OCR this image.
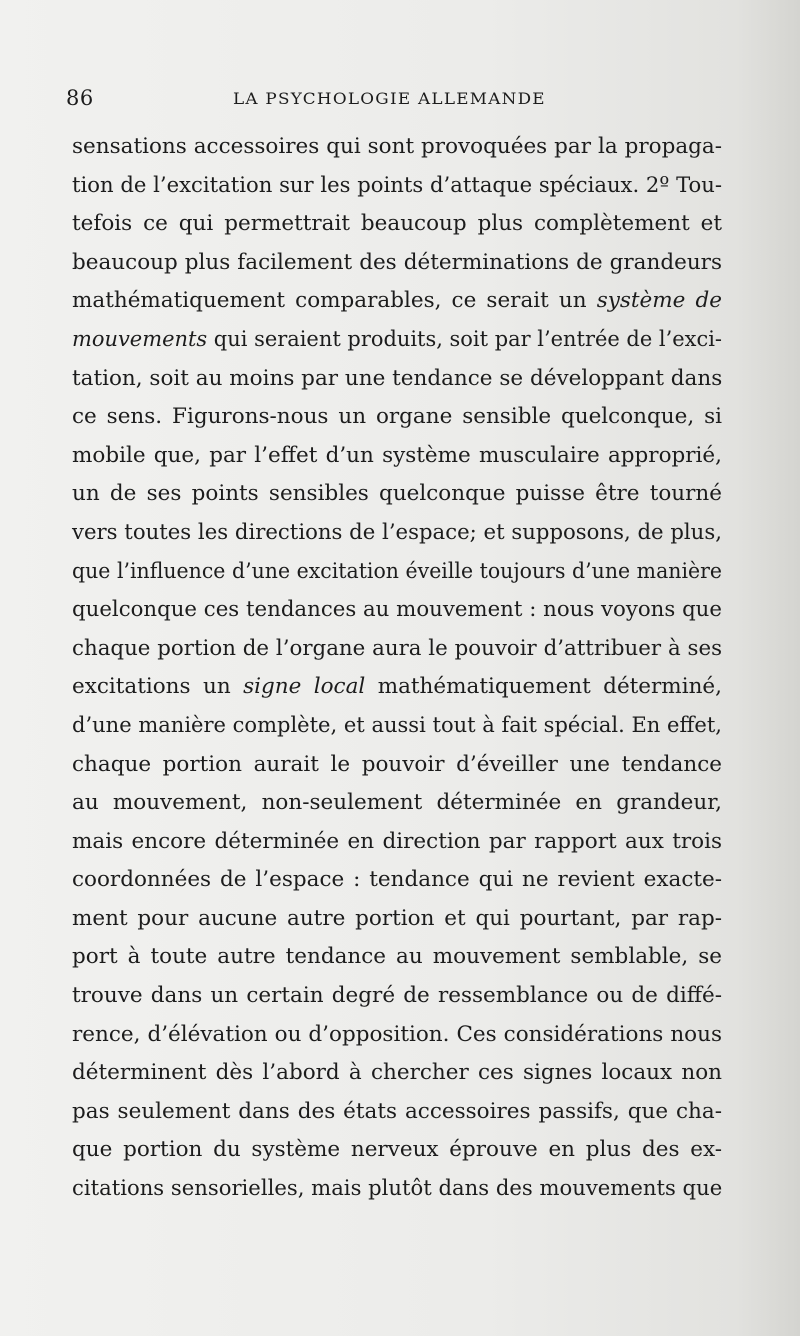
86	LA PSYCHOLOGIE ALLEMANDE
sensations accessoires qui sont provoquées par la propaga-
tion de l’excitation sur les points d’attaque spéciaux. 2º Tou-
tefois ce qui permettrait beaucoup plus complètement et
beaucoup plus facilement des déterminations de grandeurs
mathématiquement comparables, ce serait un système de
mouvements qui seraient produits, soit par l’entrée de l’exci-
tation, soit au moins par une tendance se développant dans
ce sens. Figurons-nous un organe sensible quelconque, si
mobile que, par l’effet d’un système musculaire approprié,
un de ses points sensibles quelconque puisse être tourné
vers toutes les directions de l’espace; et supposons, de plus,
que l’influence d’une excitation éveille toujours d’une manière
quelconque ces tendances au mouvement : nous voyons que
chaque portion de l’organe aura le pouvoir d’attribuer à ses
excitations un signe local mathématiquement déterminé,
d’une manière complète, et aussi tout à fait spécial. En effet,
chaque portion aurait le pouvoir d’éveiller une tendance
au mouvement, non-seulement déterminée en grandeur,
mais encore déterminée en direction par rapport aux trois
coordonnées de l’espace : tendance qui ne revient exacte-
ment pour aucune autre portion et qui pourtant, par rap-
port à toute autre tendance au mouvement semblable, se
trouve dans un certain degré de ressemblance ou de diffé-
rence, d’élévation ou d’opposition. Ces considérations nous
déterminent dès l’abord à chercher ces signes locaux non
pas seulement dans des états accessoires passifs, que cha-
que portion du système nerveux éprouve en plus des ex-
citations sensorielles, mais plutôt dans des mouvements que
